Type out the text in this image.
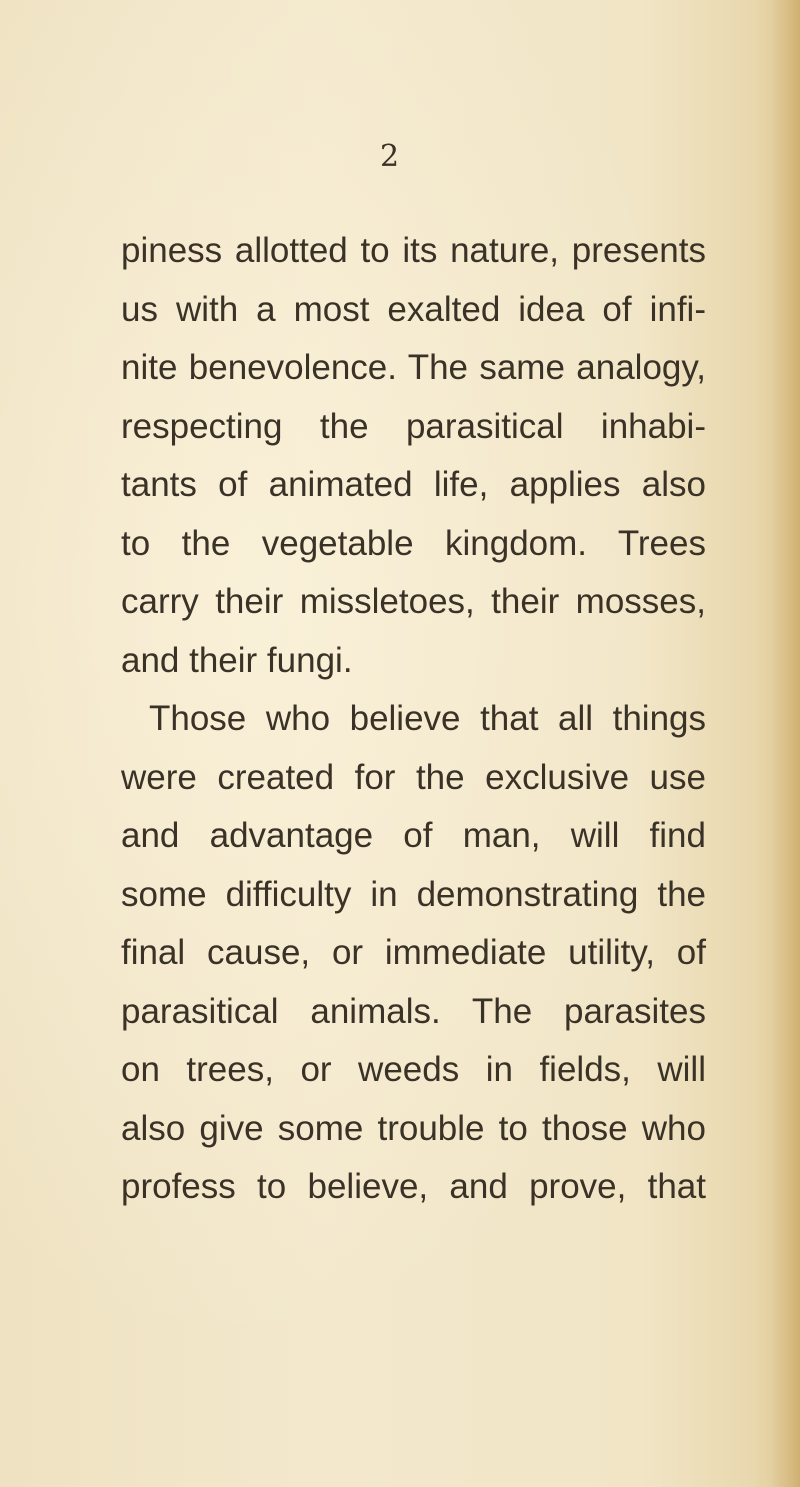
2

piness allotted to its nature, presents

us with a most exalted idea of infi-

nite benevolence. The same analogy,

respecting the parasitical inhabi-

tants of animated life, applies also

to the vegetable kingdom. Trees

carry their missletoes, their mosses,

and their fungi.

Those who believe that all things

were created for the exclusive use

and advantage of man, will find

some difficulty in demonstrating the

final cause, or immediate utility, of

parasitical animals. The parasites

on trees, or weeds in fields, will

also give some trouble to those who

profess to believe, and prove, that
